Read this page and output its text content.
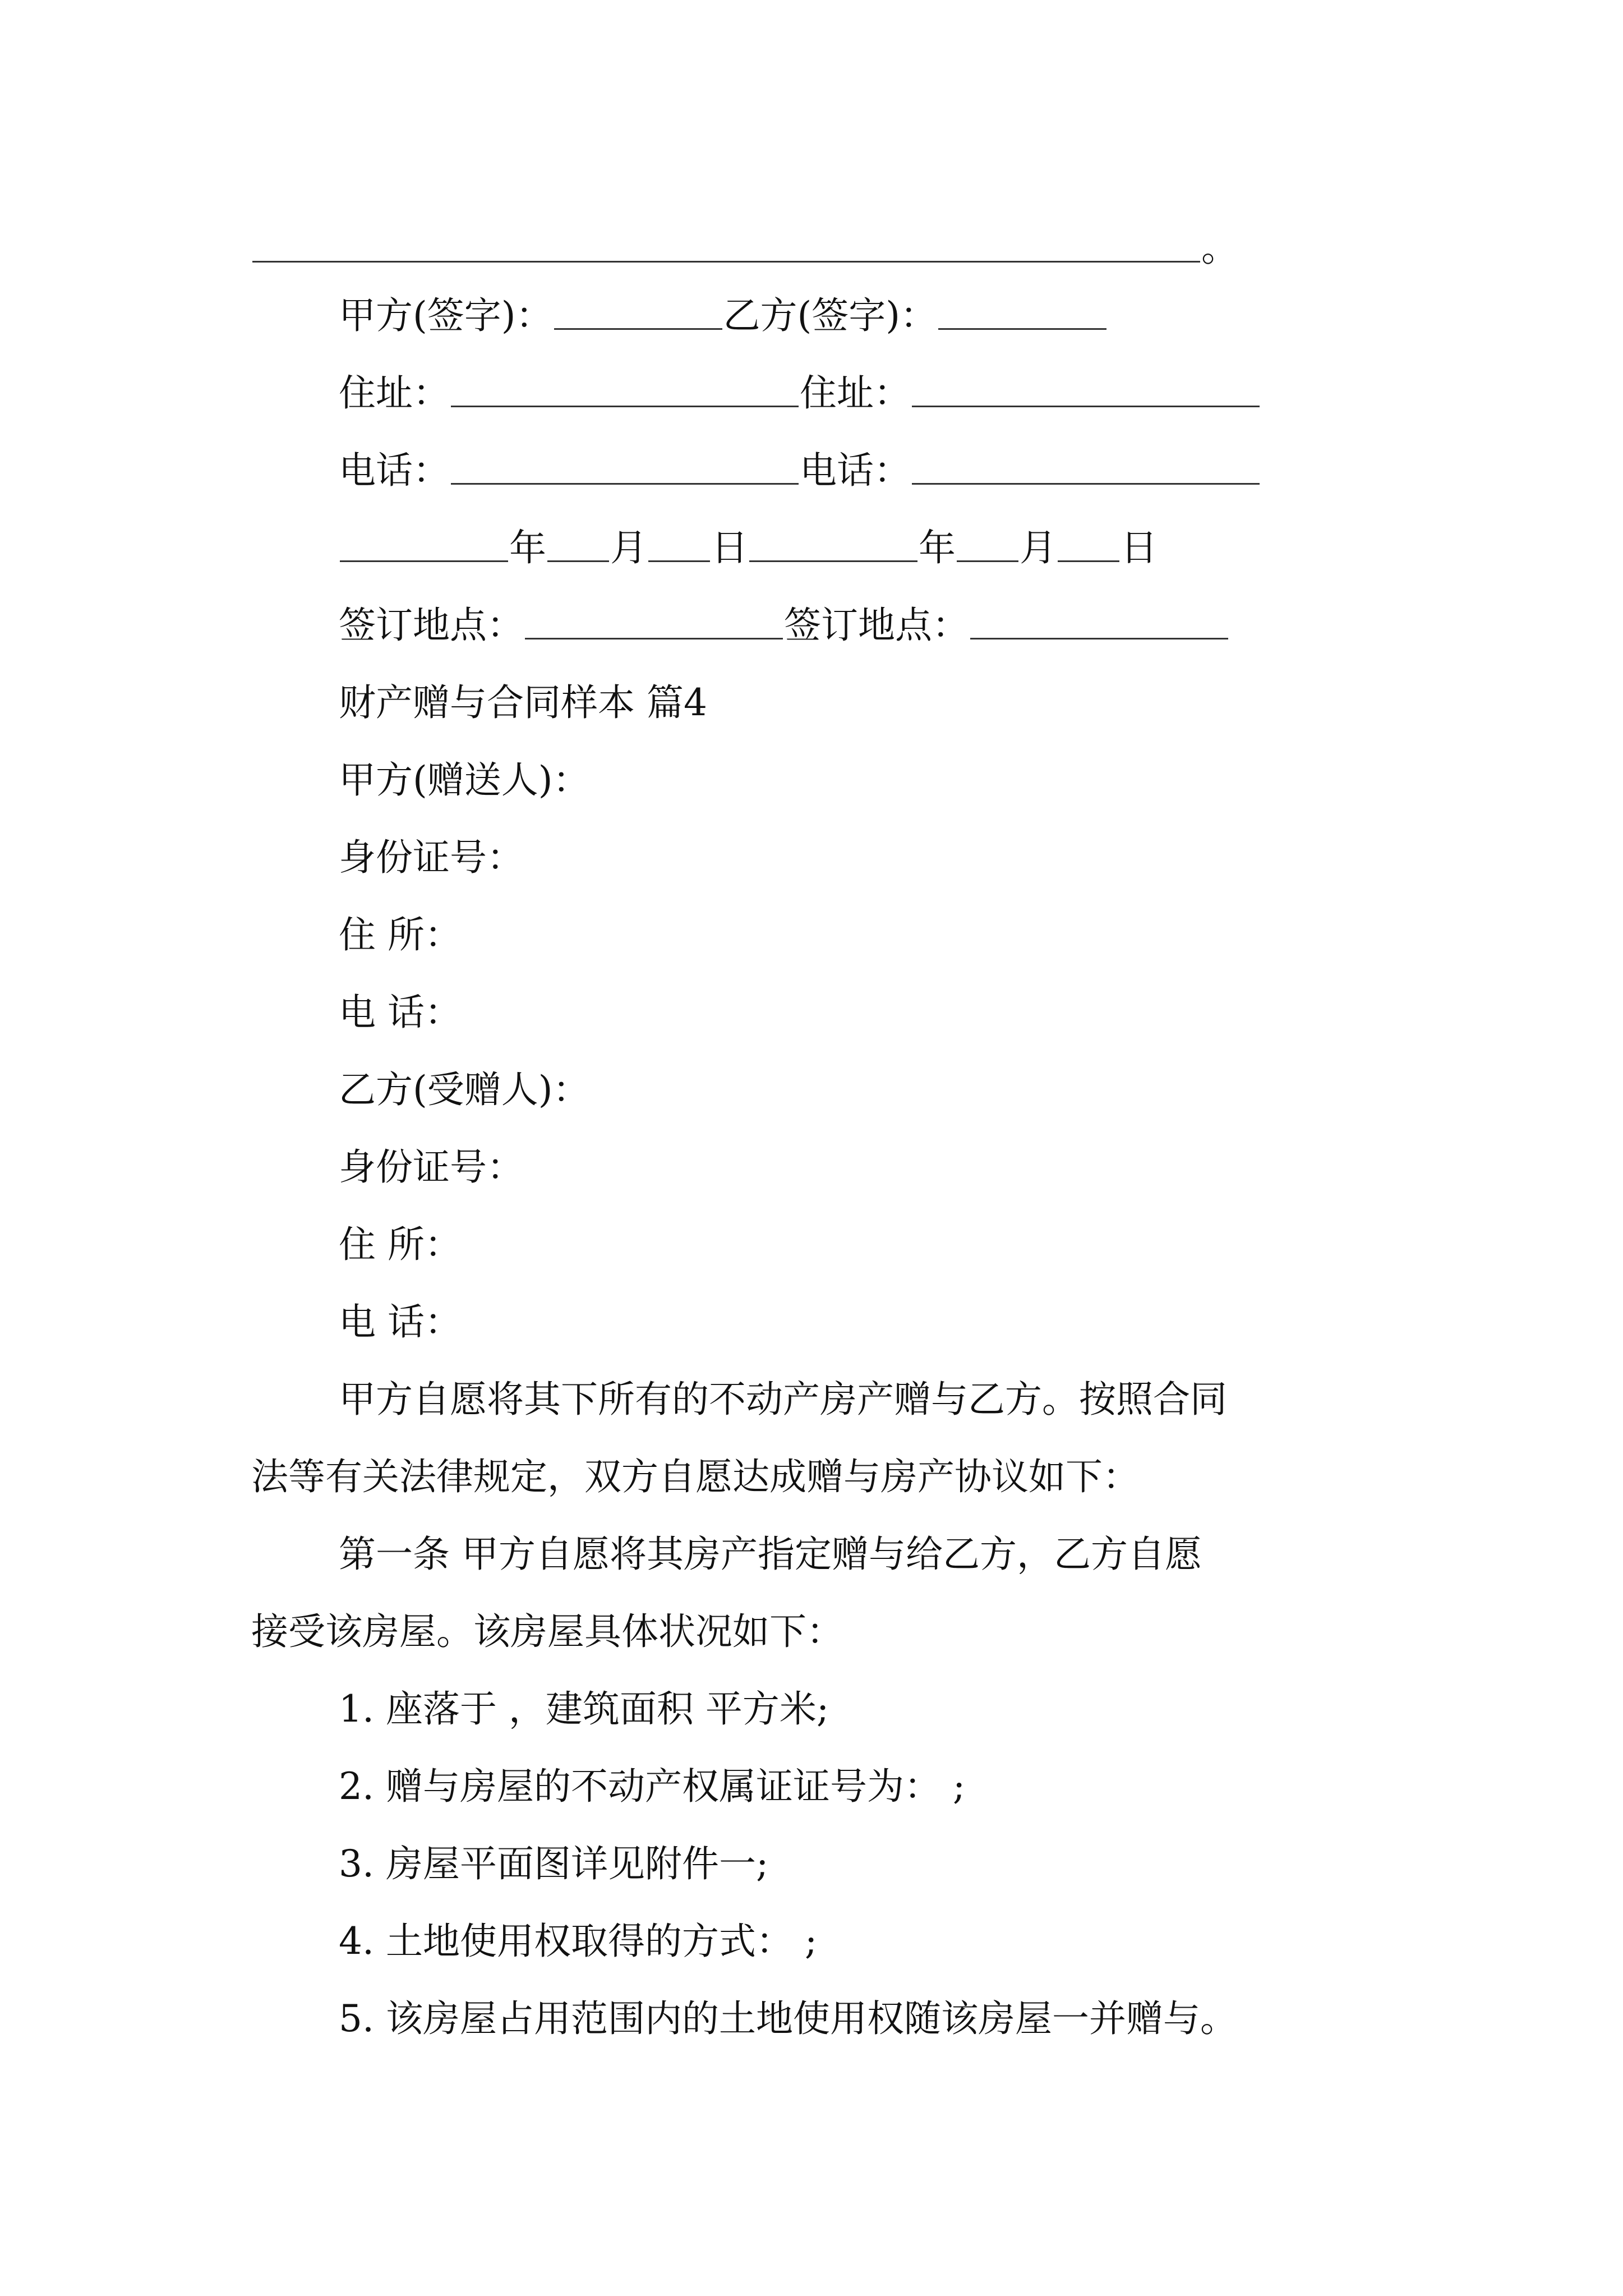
。
甲方(签字)：	乙方(签字)：
住址：	住址：
电话：	电话：
年 月 日	年 月 日
签订地点：	签订地点：
财产赠与合同样本 篇4
甲方(赠送人)：
身份证号：
住 所：
电 话：
乙方(受赠人)：
身份证号：
住 所：
电 话：
甲方自愿将其下所有的不动产房产赠与乙方。按照合同
法等有关法律规定，双方自愿达成赠与房产协议如下：
第一条 甲方自愿将其房产指定赠与给乙方，乙方自愿
接受该房屋。该房屋具体状况如下：
1. 座落于 ，建筑面积 平方米;
2. 赠与房屋的不动产权属证证号为： ;
3. 房屋平面图详见附件一;
4. 土地使用权取得的方式： ;
5. 该房屋占用范围内的土地使用权随该房屋一并赠与。
